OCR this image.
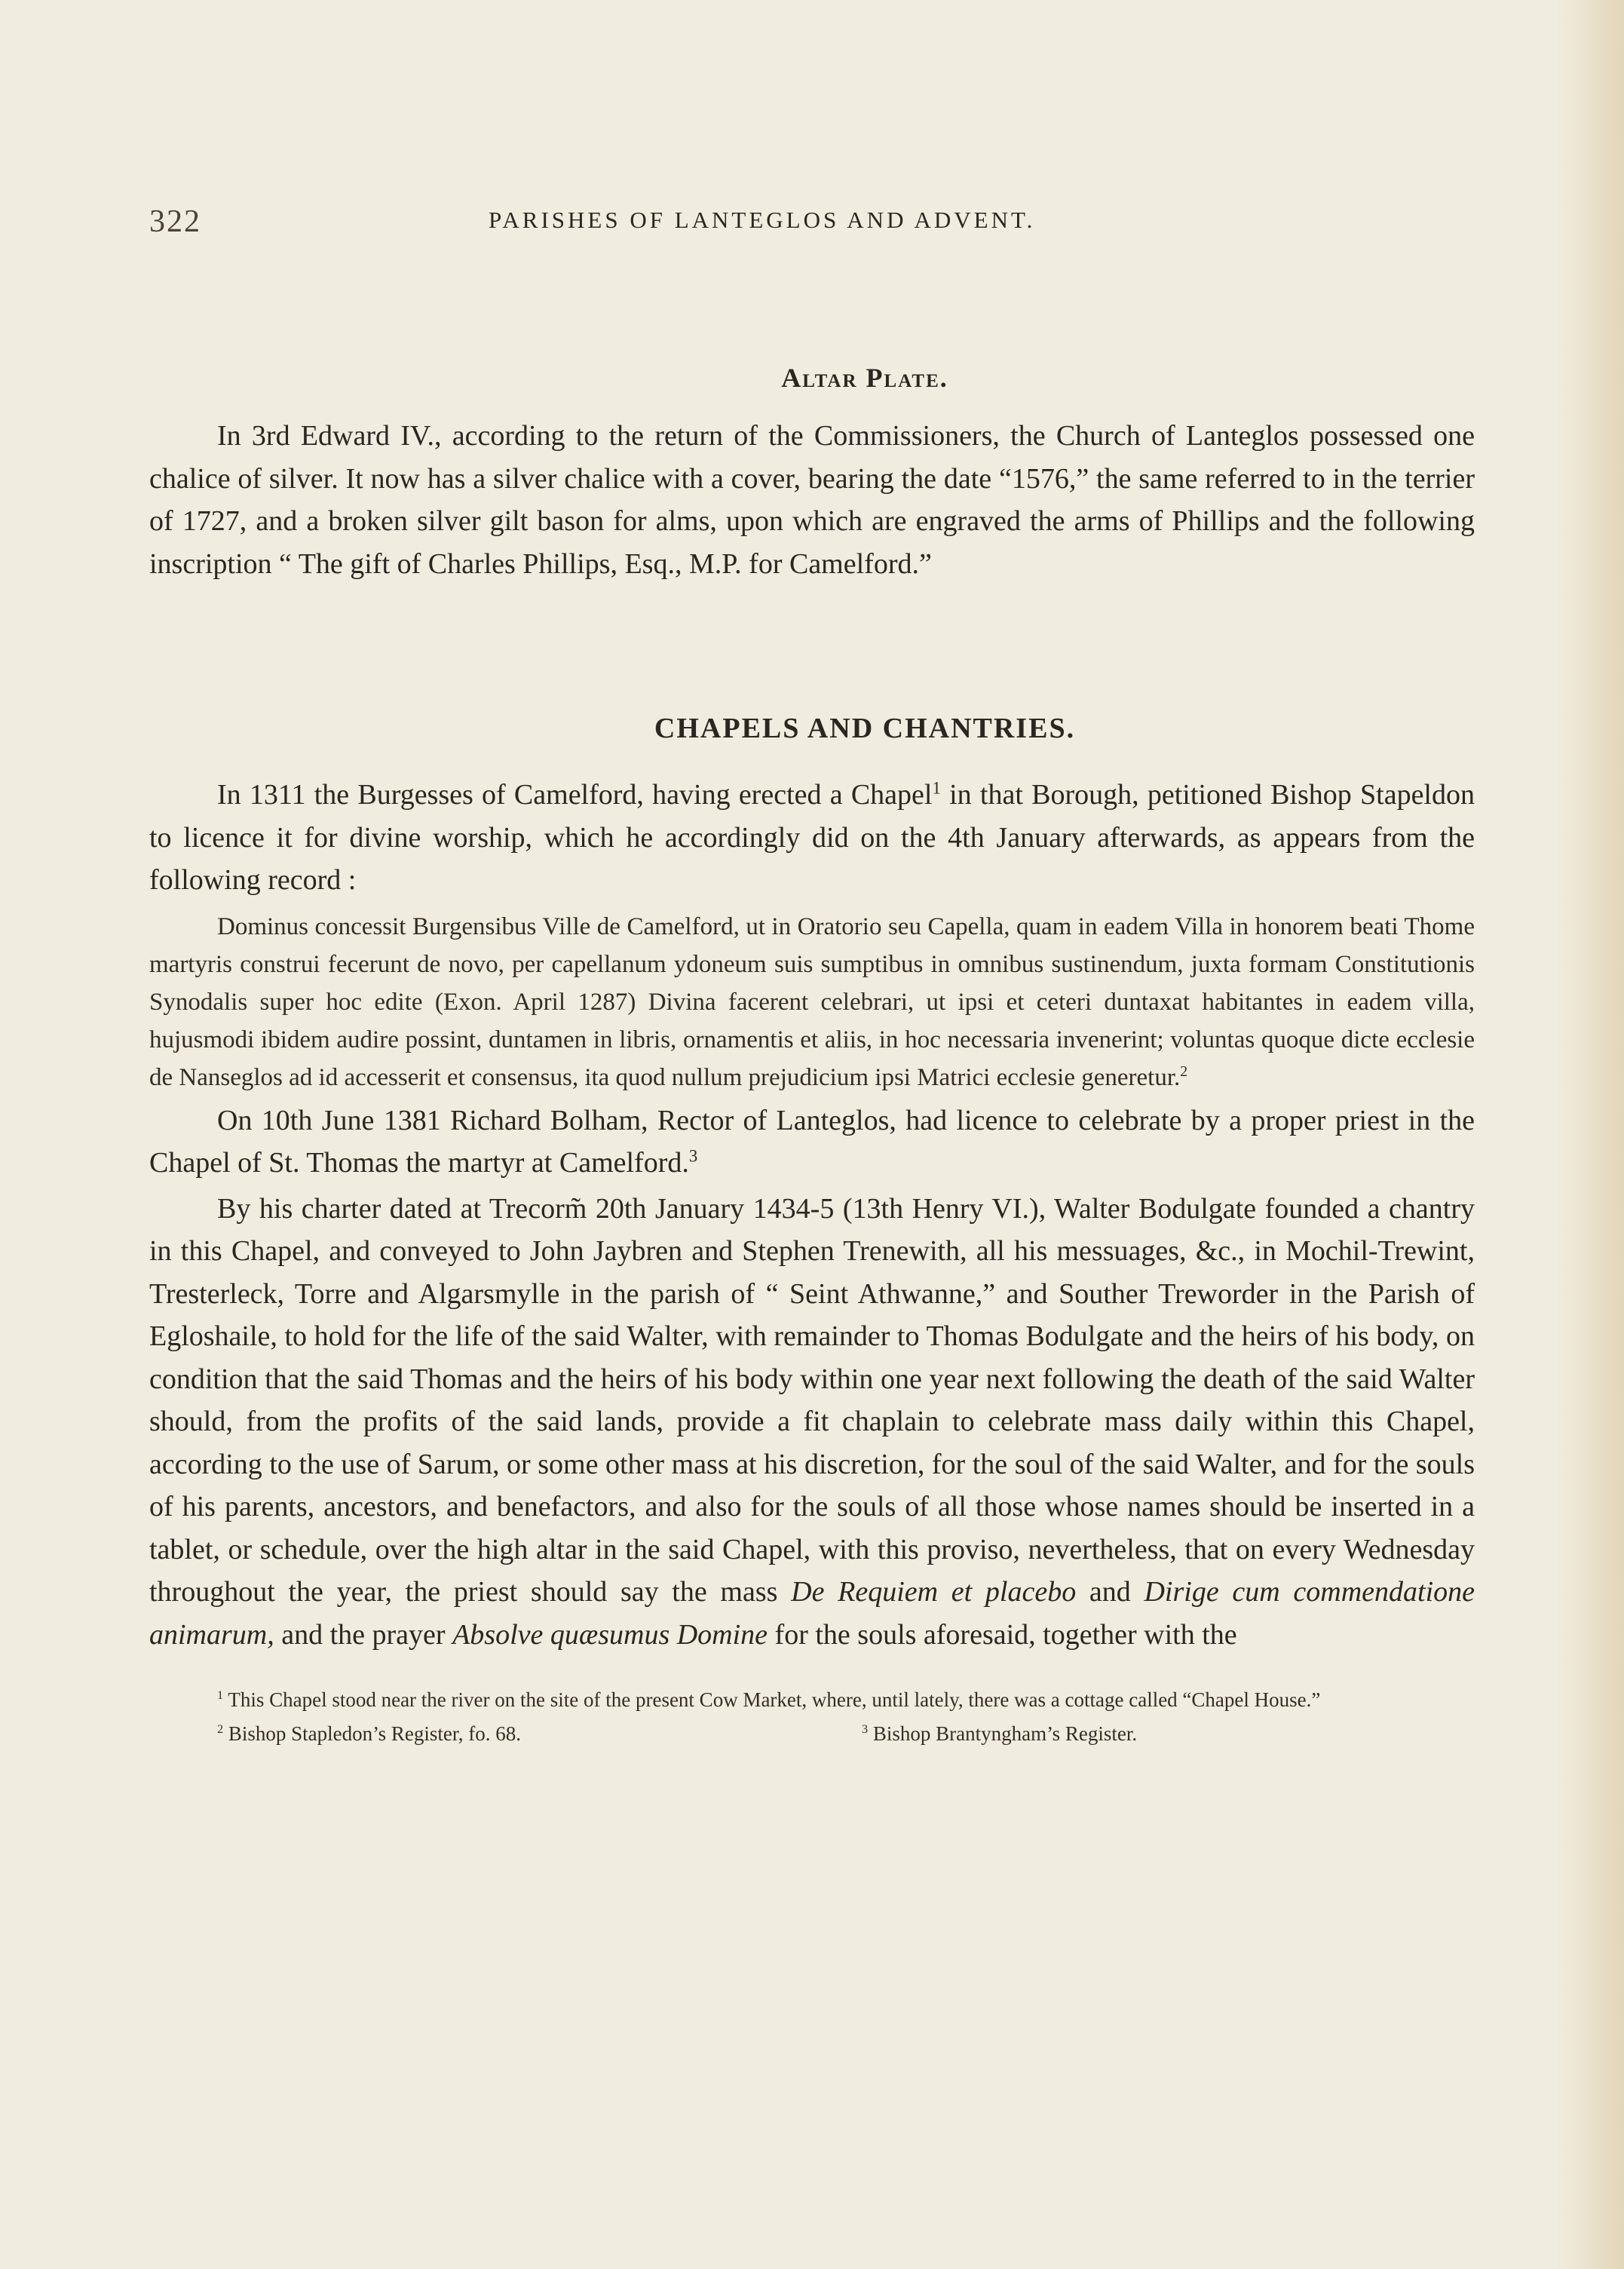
322	PARISHES OF LANTEGLOS AND ADVENT.
Altar Plate.

In 3rd Edward IV., according to the return of the Commissioners, the Church of Lanteglos possessed one chalice of silver. It now has a silver chalice with a cover, bearing the date “1576,” the same referred to in the terrier of 1727, and a broken silver gilt bason for alms, upon which are engraved the arms of Phillips and the following inscription “ The gift of Charles Phillips, Esq., M.P. for Camelford.”

CHAPELS AND CHANTRIES.

In 1311 the Burgesses of Camelford, having erected a Chapel$^1$ in that Borough, petitioned Bishop Stapeldon to licence it for divine worship, which he accordingly did on the 4th January afterwards, as appears from the following record :

Dominus concessit Burgensibus Ville de Camelford, ut in Oratorio seu Capella, quam in eadem Villa in honorem beati Thome martyris construi fecerunt de novo, per capellanum ydoneum suis sumptibus in omnibus sustinendum, juxta formam Constitutionis Synodalis super hoc edite (Exon. April 1287) Divina facerent celebrari, ut ipsi et ceteri duntaxat habitantes in eadem villa, hujusmodi ibidem audire possint, duntamen in libris, ornamentis et aliis, in hoc necessaria invenerint; voluntas quoque dicte ecclesie de Nanseglos ad id accesserit et consensus, ita quod nullum prejudicium ipsi Matrici ecclesie generetur.$^2$

On 10th June 1381 Richard Bolham, Rector of Lanteglos, had licence to celebrate by a proper priest in the Chapel of St. Thomas the martyr at Camelford.$^3$

By his charter dated at Trecorm̃ 20th January 1434-5 (13th Henry VI.), Walter Bodulgate founded a chantry in this Chapel, and conveyed to John Jaybren and Stephen Trenewith, all his messuages, &c., in Mochil-Trewint, Tresterleck, Torre and Algarsmylle in the parish of “ Seint Athwanne,” and Souther Treworder in the Parish of Egloshaile, to hold for the life of the said Walter, with remainder to Thomas Bodulgate and the heirs of his body, on condition that the said Thomas and the heirs of his body within one year next following the death of the said Walter should, from the profits of the said lands, provide a fit chaplain to celebrate mass daily within this Chapel, according to the use of Sarum, or some other mass at his discretion, for the soul of the said Walter, and for the souls of his parents, ancestors, and benefactors, and also for the souls of all those whose names should be inserted in a tablet, or schedule, over the high altar in the said Chapel, with this proviso, nevertheless, that on every Wednesday throughout the year, the priest should say the mass De Requiem et placebo and Dirige cum commendatione animarum, and the prayer Absolve quæsumus Domine for the souls aforesaid, together with the

$^1$ This Chapel stood near the river on the site of the present Cow Market, where, until lately, there was a cottage called “Chapel House.”
$^2$ Bishop Stapledon’s Register, fo. 68.	$^3$ Bishop Brantyngham’s Register.
